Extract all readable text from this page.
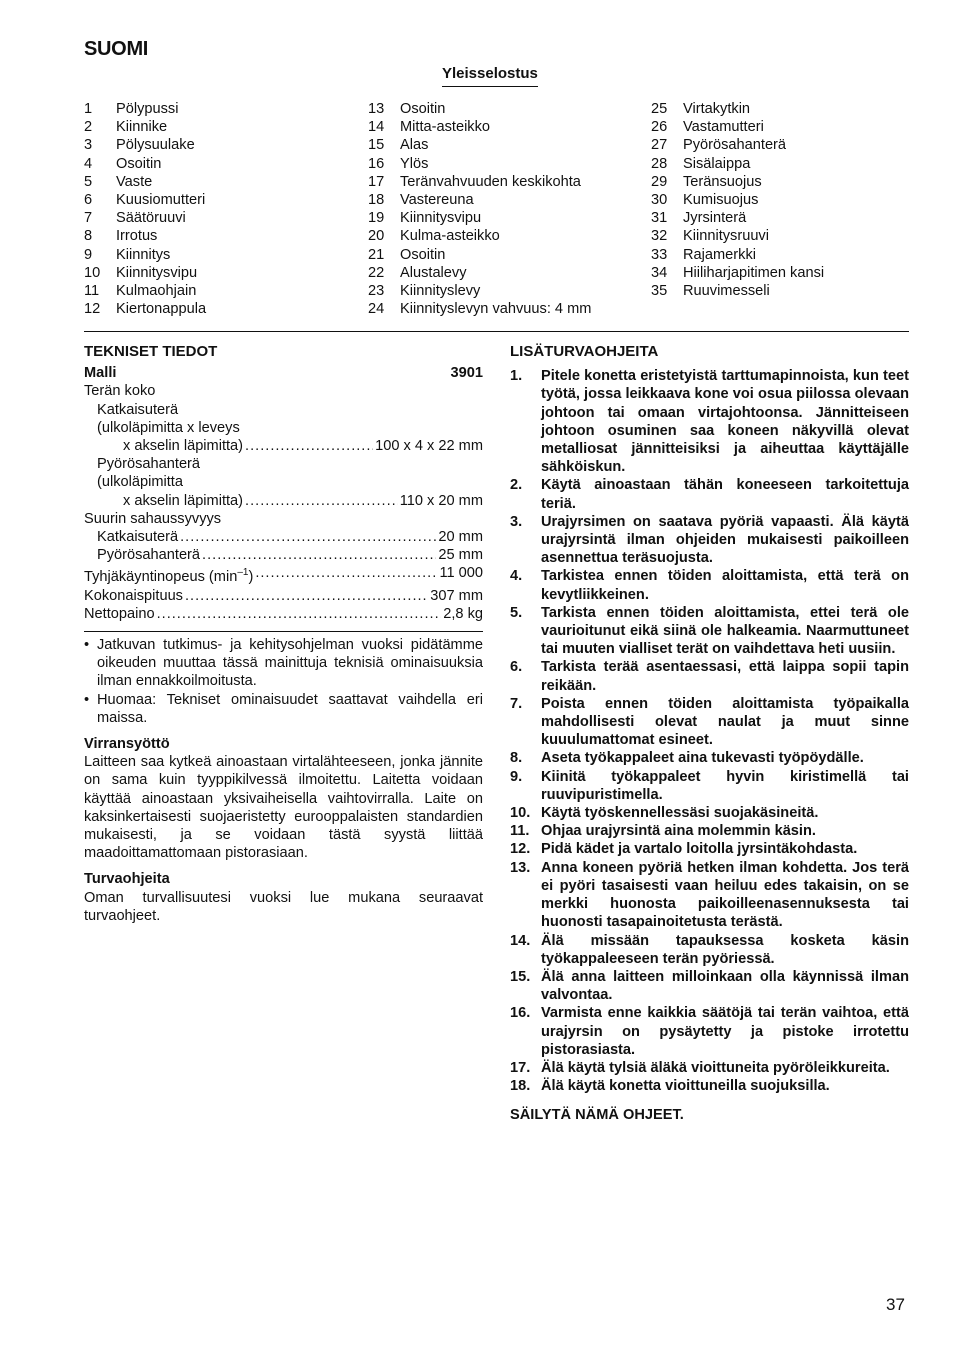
SUOMI
Yleisselostus
1 Pölypussi
2 Kiinnike
3 Pölysuulake
4 Osoitin
5 Vaste
6 Kuusiomutteri
7 Säätöruuvi
8 Irrotus
9 Kiinnitys
10 Kiinnitysvipu
11 Kulmaohjain
12 Kiertonappula
13 Osoitin
14 Mitta-asteikko
15 Alas
16 Ylös
17 Teränvahvuuden keskikohta
18 Vastereuna
19 Kiinnitysvipu
20 Kulma-asteikko
21 Osoitin
22 Alustalevy
23 Kiinnityslevy
24 Kiinnityslevyn vahvuus: 4 mm
25 Virtakytkin
26 Vastamutteri
27 Pyörösahanterä
28 Sisälaippa
29 Teränsuojus
30 Kumisuojus
31 Jyrsinterä
32 Kiinnitysruuvi
33 Rajamerkki
34 Hiiliharjapitimen kansi
35 Ruuvimesseli
TEKNISET TIEDOT
Malli	3901
Terän koko
Katkaisuterä
(ulkoläpimitta x leveys
x akselin läpimitta) .....	100 x 4 x 22 mm
Pyörösahanterä
(ulkoläpimitta
x akselin läpimitta) .....	110 x 20 mm
Suurin sahaussyvyys
Katkaisuterä .....	20 mm
Pyörösahanterä .....	25 mm
Tyhjäkäyntinopeus $(\min^{-1})$ .....	11 000
Kokonaispituus .....	307 mm
Nettopaino .....	2,8 kg
• Jatkuvan tutkimus- ja kehitysohjelman vuoksi pidätämme oikeuden muuttaa tässä mainittuja teknisiä ominaisuuksia ilman ennakkoilmoitusta.
• Huomaa: Tekniset ominaisuudet saattavat vaihdella eri maissa.
Virransyöttö
Laitteen saa kytkeä ainoastaan virtalähteeseen, jonka jännite on sama kuin tyyppikilvessä ilmoitettu. Laitetta voidaan käyttää ainoastaan yksivaiheisella vaihtovirralla. Laite on kaksinkertaisesti suojaeristetty eurooppalaisten standardien mukaisesti, ja se voidaan tästä syystä liittää maadoittamattomaan pistorasiaan.
Turvaohjeita
Oman turvallisuutesi vuoksi lue mukana seuraavat turvaohjeet.
LISÄTURVAOHJEITA
1. Pitele konetta eristetyistä tarttumapinnoista, kun teet työtä, jossa leikkaava kone voi osua piilossa olevaan johtoon tai omaan virtajohtoonsa. Jännitteiseen johtoon osuminen saa koneen näkyvillä olevat metalliosat jännitteisiksi ja aiheuttaa käyttäjälle sähköiskun.
2. Käytä ainoastaan tähän koneeseen tarkoitettuja teriä.
3. Urajyrsimen on saatava pyöriä vapaasti. Älä käytä urajyrsintä ilman ohjeiden mukaisesti paikoilleen asennettua teräsuojusta.
4. Tarkistea ennen töiden aloittamista, että terä on kevytliikkeinen.
5. Tarkista ennen töiden aloittamista, ettei terä ole vaurioitunut eikä siinä ole halkeamia. Naarmuttuneet tai muuten vialliset terät on vaihdettava heti uusiin.
6. Tarkista terää asentaessasi, että laippa sopii tapin reikään.
7. Poista ennen töiden aloittamista työpaikalla mahdollisesti olevat naulat ja muut sinne kuuulumattomat esineet.
8. Aseta työkappaleet aina tukevasti työpöydälle.
9. Kiinitä työkappaleet hyvin kiristimellä tai ruuvipuristimella.
10. Käytä työskennellessäsi suojakäsineitä.
11. Ohjaa urajyrsintä aina molemmin käsin.
12. Pidä kädet ja vartalo loitolla jyrsintäkohdasta.
13. Anna koneen pyöriä hetken ilman kohdetta. Jos terä ei pyöri tasaisesti vaan heiluu edes takaisin, on se merkki huonosta paikoilleenasennuksesta tai huonosti tasapainoitetusta terästä.
14. Älä missään tapauksessa kosketa käsin työkappaleeseen terän pyöriessä.
15. Älä anna laitteen milloinkaan olla käynnissä ilman valvontaa.
16. Varmista enne kaikkia säätöjä tai terän vaihtoa, että urajyrsin on pysäytetty ja pistoke irrotettu pistorasiasta.
17. Älä käytä tylsiä äläkä vioittuneita pyöröleikkureita.
18. Älä käytä konetta vioittuneilla suojuksilla.
SÄILYTÄ NÄMÄ OHJEET.
37
